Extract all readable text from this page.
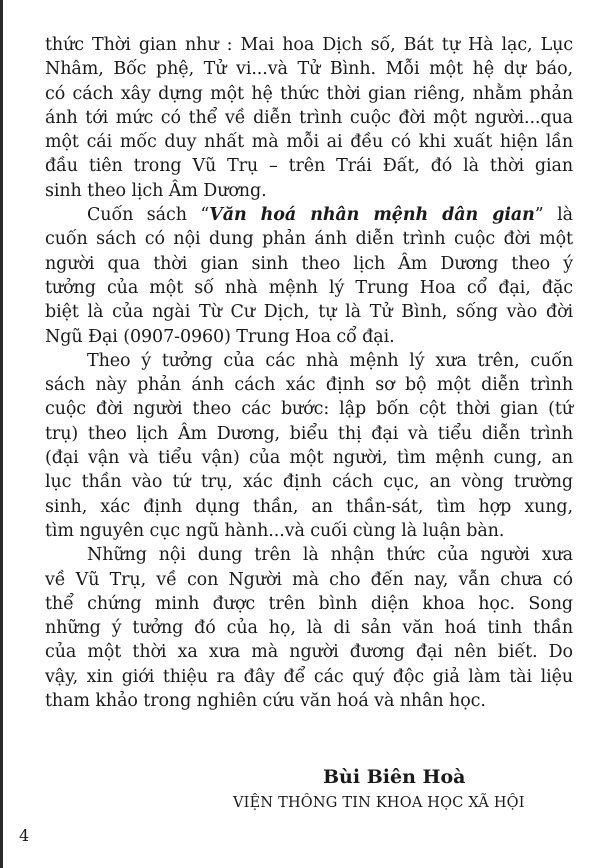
thức Thời gian như : Mai hoa Dịch số, Bát tự Hà lạc, Lục
Nhâm, Bốc phệ, Tử vi...và Tử Bình. Mỗi một hệ dự báo,
có cách xây dựng một hệ thức thời gian riêng, nhằm phản
ánh tới mức có thể về diễn trình cuộc đời một người...qua
một cái mốc duy nhất mà mỗi ai đều có khi xuất hiện lần
đầu tiên trong Vũ Trụ – trên Trái Đất, đó là thời gian
sinh theo lịch Âm Dương.
Cuốn sách “Văn hoá nhân mệnh dân gian” là
cuốn sách có nội dung phản ánh diễn trình cuộc đời một
người qua thời gian sinh theo lịch Âm Dương theo ý
tưởng của một số nhà mệnh lý Trung Hoa cổ đại, đặc
biệt là của ngài Từ Cư Dịch, tự là Tử Bình, sống vào đời
Ngũ Đại (0907-0960) Trung Hoa cổ đại.
Theo ý tưởng của các nhà mệnh lý xưa trên, cuốn
sách này phản ánh cách xác định sơ bộ một diễn trình
cuộc đời người theo các bước: lập bốn cột thời gian (tứ
trụ) theo lịch Âm Dương, biểu thị đại và tiểu diễn trình
(đại vận và tiểu vận) của một người, tìm mệnh cung, an
lục thần vào tứ trụ, xác định cách cục, an vòng trường
sinh, xác định dụng thần, an thần-sát, tìm hợp xung,
tìm nguyên cục ngũ hành...và cuối cùng là luận bàn.
Những nội dung trên là nhận thức của người xưa
về Vũ Trụ, về con Người mà cho đến nay, vẫn chưa có
thể chứng minh được trên bình diện khoa học. Song
những ý tưởng đó của họ, là di sản văn hoá tinh thần
của một thời xa xưa mà người đương đại nên biết. Do
vậy, xin giới thiệu ra đây để các quý độc giả làm tài liệu
tham khảo trong nghiên cứu văn hoá và nhân học.
Bùi Biên Hoà
VIỆN THÔNG TIN KHOA HỌC XÃ HỘI
4
